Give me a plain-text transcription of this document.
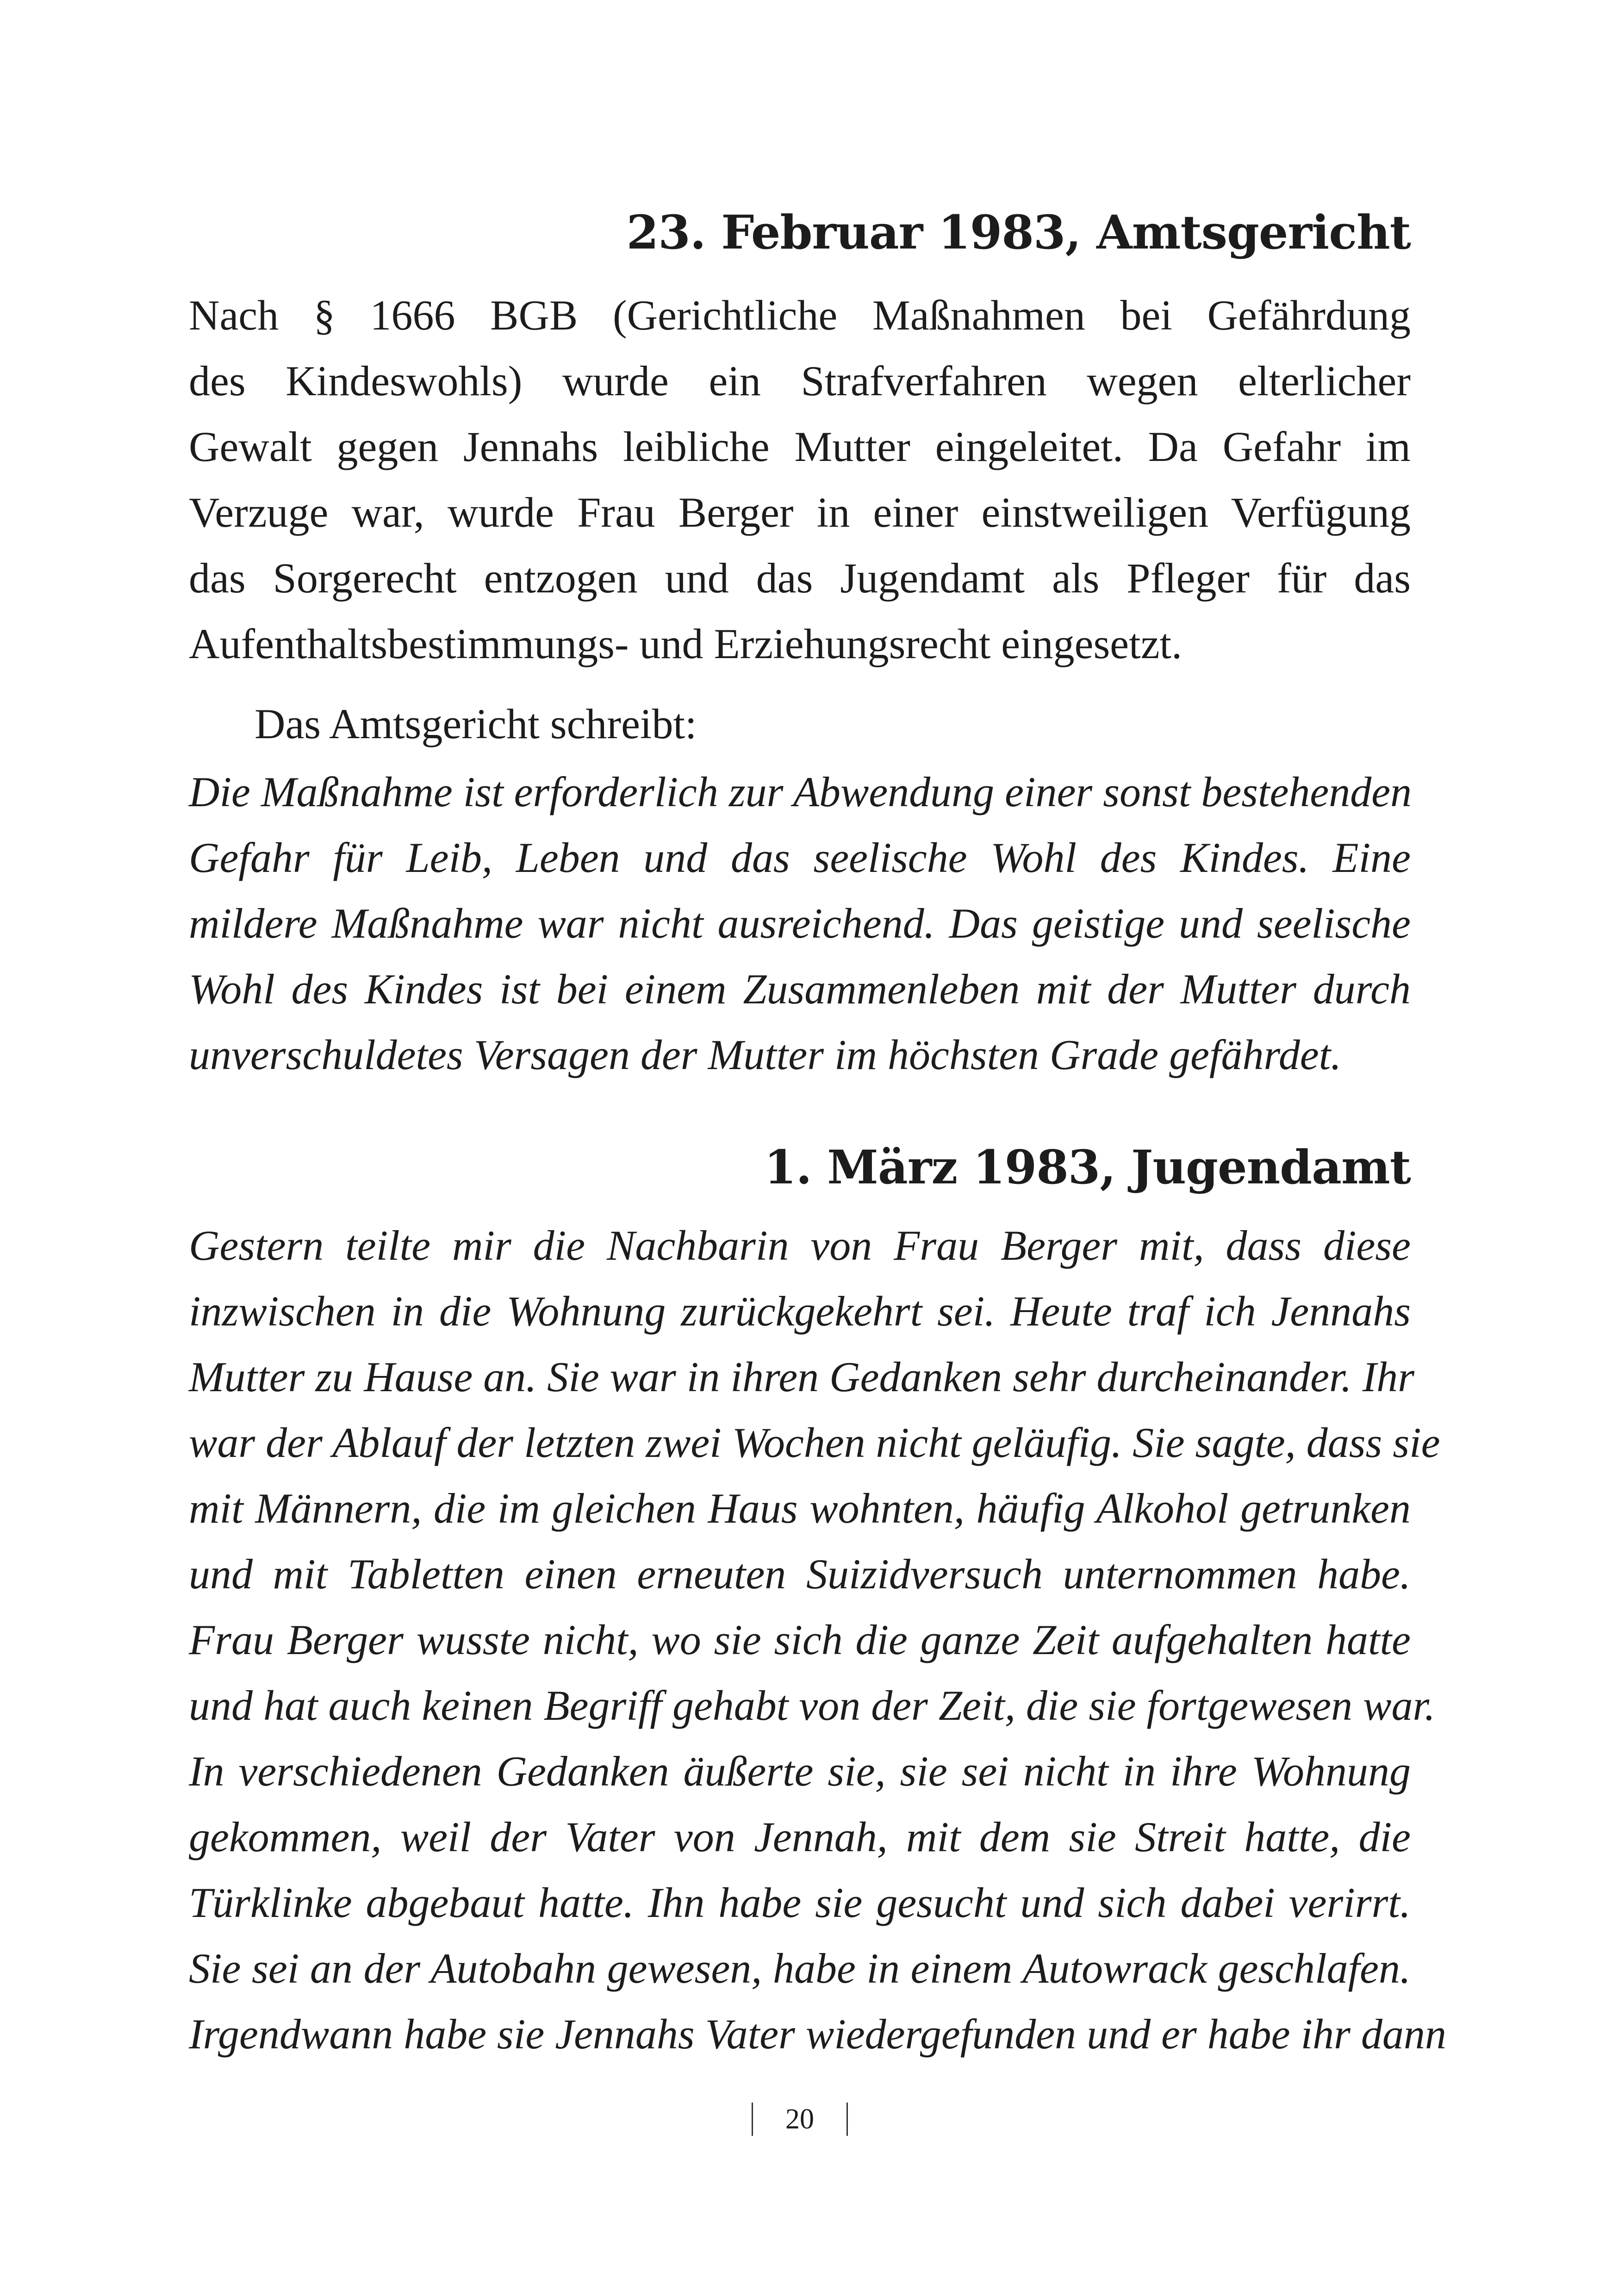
23. Februar 1983, Amtsgericht
Nach § 1666 BGB (Gerichtliche Maßnahmen bei Gefährdung
des Kindeswohls) wurde ein Strafverfahren wegen elterlicher
Gewalt gegen Jennahs leibliche Mutter eingeleitet. Da Gefahr im
Verzuge war, wurde Frau Berger in einer einstweiligen Verfügung
das Sorgerecht entzogen und das Jugendamt als Pfleger für das
Aufenthaltsbestimmungs- und Erziehungsrecht eingesetzt.
Das Amtsgericht schreibt:
Die Maßnahme ist erforderlich zur Abwendung einer sonst bestehenden
Gefahr für Leib, Leben und das seelische Wohl des Kindes. Eine
mildere Maßnahme war nicht ausreichend. Das geistige und seelische
Wohl des Kindes ist bei einem Zusammenleben mit der Mutter durch
unverschuldetes Versagen der Mutter im höchsten Grade gefährdet.
1. März 1983, Jugendamt
Gestern teilte mir die Nachbarin von Frau Berger mit, dass diese
inzwischen in die Wohnung zurückgekehrt sei. Heute traf ich Jennahs
Mutter zu Hause an. Sie war in ihren Gedanken sehr durcheinander. Ihr
war der Ablauf der letzten zwei Wochen nicht geläufig. Sie sagte, dass sie
mit Männern, die im gleichen Haus wohnten, häufig Alkohol getrunken
und mit Tabletten einen erneuten Suizidversuch unternommen habe.
Frau Berger wusste nicht, wo sie sich die ganze Zeit aufgehalten hatte
und hat auch keinen Begriff gehabt von der Zeit, die sie fortgewesen war.
In verschiedenen Gedanken äußerte sie, sie sei nicht in ihre Wohnung
gekommen, weil der Vater von Jennah, mit dem sie Streit hatte, die
Türklinke abgebaut hatte. Ihn habe sie gesucht und sich dabei verirrt.
Sie sei an der Autobahn gewesen, habe in einem Autowrack geschlafen.
Irgendwann habe sie Jennahs Vater wiedergefunden und er habe ihr dann
20
